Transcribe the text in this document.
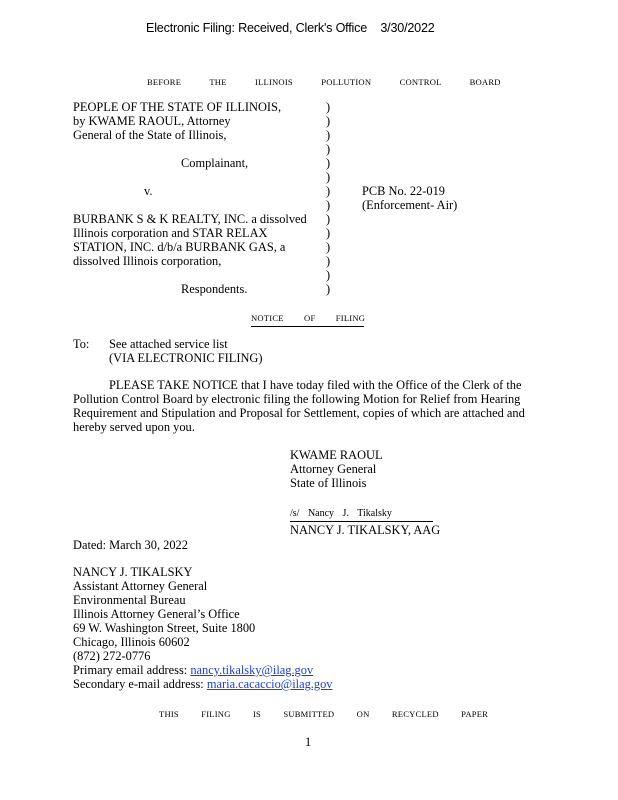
Electronic Filing: Received, Clerk's Office 3/30/2022
BEFORE THE ILLINOIS POLLUTION CONTROL BOARD
PEOPLE OF THE STATE OF ILLINOIS,
by KWAME RAOUL, Attorney
General of the State of Illinois,
Complainant,
v.
BURBANK S & K REALTY, INC. a dissolved
Illinois corporation and STAR RELAX
STATION, INC. d/b/a BURBANK GAS, a
dissolved Illinois corporation,
Respondents.
)
)
)
)
)
)
)
)
)
)
)
)
)
)
PCB No. 22-019
(Enforcement- Air)
NOTICE OF FILING
To: See attached service list
(VIA ELECTRONIC FILING)
PLEASE TAKE NOTICE that I have today filed with the Office of the Clerk of the
Pollution Control Board by electronic filing the following Motion for Relief from Hearing
Requirement and Stipulation and Proposal for Settlement, copies of which are attached and
hereby served upon you.
KWAME RAOUL
Attorney General
State of Illinois
/s/ Nancy J. Tikalsky
NANCY J. TIKALSKY, AAG
Dated: March 30, 2022
NANCY J. TIKALSKY
Assistant Attorney General
Environmental Bureau
Illinois Attorney General’s Office
69 W. Washington Street, Suite 1800
Chicago, Illinois 60602
(872) 272-0776
Primary email address: nancy.tikalsky@ilag.gov
Secondary e-mail address: maria.cacaccio@ilag.gov
THIS FILING IS SUBMITTED ON RECYCLED PAPER
1
